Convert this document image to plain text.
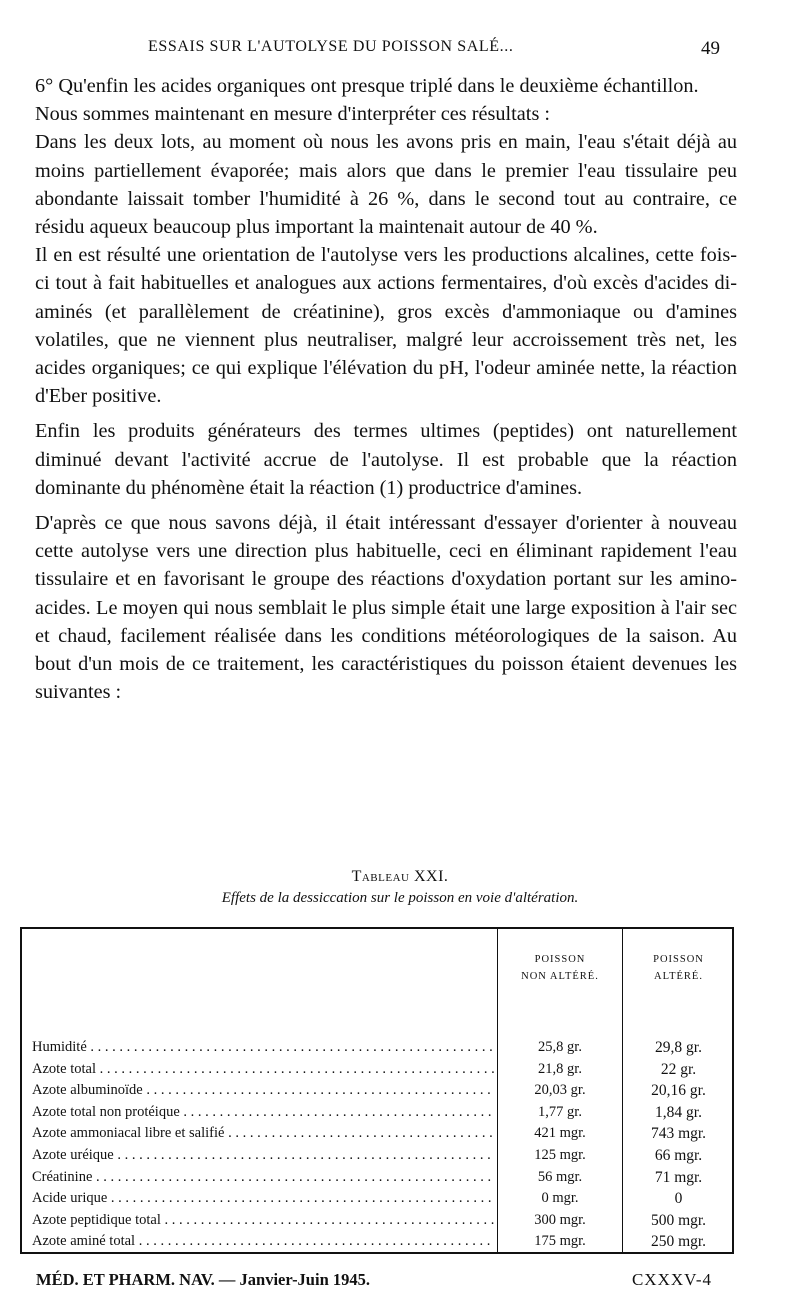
ESSAIS SUR L'AUTOLYSE DU POISSON SALÉ...	49

6° Qu'enfin les acides organiques ont presque triplé dans le deuxième échantillon.

Nous sommes maintenant en mesure d'interpréter ces résultats :

Dans les deux lots, au moment où nous les avons pris en main, l'eau s'était déjà au moins partiellement évaporée; mais alors que dans le premier l'eau tissulaire peu abondante laissait tomber l'humidité à 26 %, dans le second tout au contraire, ce résidu aqueux beaucoup plus important la maintenait autour de 40 %.

Il en est résulté une orientation de l'autolyse vers les productions alcalines, cette fois-ci tout à fait habituelles et analogues aux actions fermentaires, d'où excès d'acides di-aminés (et parallèlement de créatinine), gros excès d'ammoniaque ou d'amines volatiles, que ne viennent plus neutraliser, malgré leur accroissement très net, les acides organiques; ce qui explique l'élévation du pH, l'odeur aminée nette, la réaction d'Eber positive.

Enfin les produits générateurs des termes ultimes (peptides) ont naturellement diminué devant l'activité accrue de l'autolyse. Il est probable que la réaction dominante du phénomène était la réaction (1) productrice d'amines.

D'après ce que nous savons déjà, il était intéressant d'essayer d'orienter à nouveau cette autolyse vers une direction plus habituelle, ceci en éliminant rapidement l'eau tissulaire et en favorisant le groupe des réactions d'oxydation portant sur les amino-acides. Le moyen qui nous semblait le plus simple était une large exposition à l'air sec et chaud, facilement réalisée dans les conditions météorologiques de la saison. Au bout d'un mois de ce traitement, les caractéristiques du poisson étaient devenues les suivantes :

Tableau XXI.
Effets de la dessiccation sur le poisson en voie d'altération.
POISSON
NON ALTÉRÉ.
POISSON
ALTÉRÉ.
Humidité . . .	25,8 gr.	29,8 gr.
Azote total . . .	21,8 gr.	22 gr.
Azote albuminoïde . . .	20,03 gr.	20,16 gr.
Azote total non protéique . . .	1,77 gr.	1,84 gr.
Azote ammoniacal libre et salifié . . .	421 mgr.	743 mgr.
Azote uréique . . .	125 mgr.	66 mgr.
Créatinine . . .	56 mgr.	71 mgr.
Acide urique . . .	0 mgr.	0
Azote peptidique total . . .	300 mgr.	500 mgr.
Azote aminé total . . .	175 mgr.	250 mgr.
MÉD. ET PHARM. NAV. — Janvier-Juin 1945.	CXXXV-4
